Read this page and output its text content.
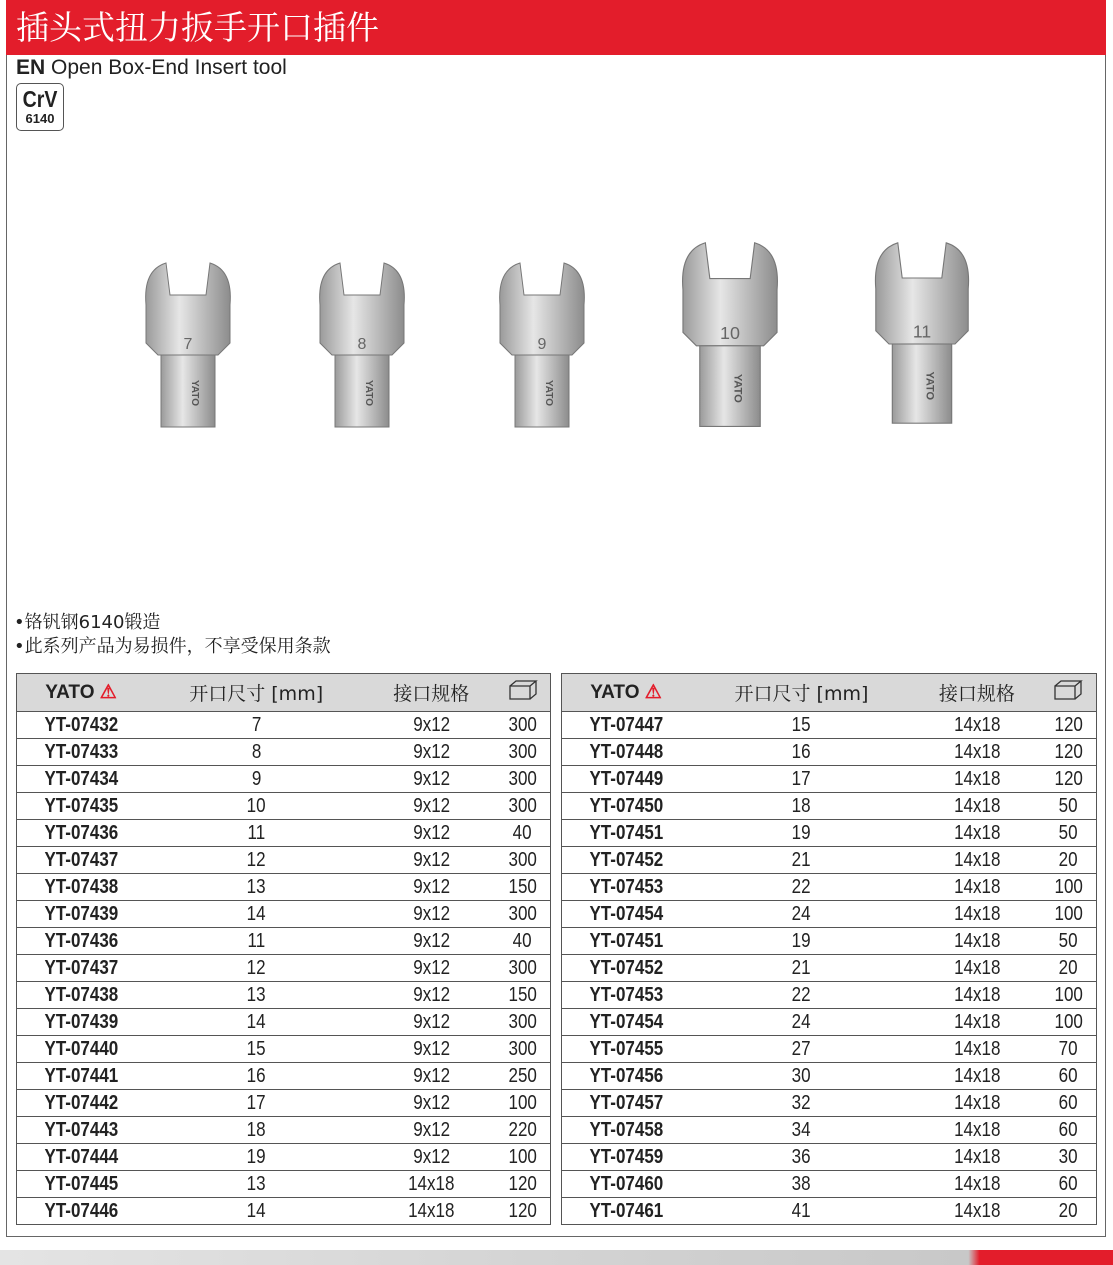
插头式扭力扳手开口插件
EN Open Box-End Insert tool
CrV
6140
7
YATO
8
YATO
9
YATO
10
YATO
11
YATO
•铬钒钢6140锻造
•此系列产品为易损件，不享受保用条款
YATO ⚠	开口尺寸 [mm]	接口规格	
YT-07432	7	9x12	300
YT-07433	8	9x12	300
YT-07434	9	9x12	300
YT-07435	10	9x12	300
YT-07436	11	9x12	40
YT-07437	12	9x12	300
YT-07438	13	9x12	150
YT-07439	14	9x12	300
YT-07436	11	9x12	40
YT-07437	12	9x12	300
YT-07438	13	9x12	150
YT-07439	14	9x12	300
YT-07440	15	9x12	300
YT-07441	16	9x12	250
YT-07442	17	9x12	100
YT-07443	18	9x12	220
YT-07444	19	9x12	100
YT-07445	13	14x18	120
YT-07446	14	14x18	120
YATO ⚠	开口尺寸 [mm]	接口规格	
YT-07447	15	14x18	120
YT-07448	16	14x18	120
YT-07449	17	14x18	120
YT-07450	18	14x18	50
YT-07451	19	14x18	50
YT-07452	21	14x18	20
YT-07453	22	14x18	100
YT-07454	24	14x18	100
YT-07451	19	14x18	50
YT-07452	21	14x18	20
YT-07453	22	14x18	100
YT-07454	24	14x18	100
YT-07455	27	14x18	70
YT-07456	30	14x18	60
YT-07457	32	14x18	60
YT-07458	34	14x18	60
YT-07459	36	14x18	30
YT-07460	38	14x18	60
YT-07461	41	14x18	20
